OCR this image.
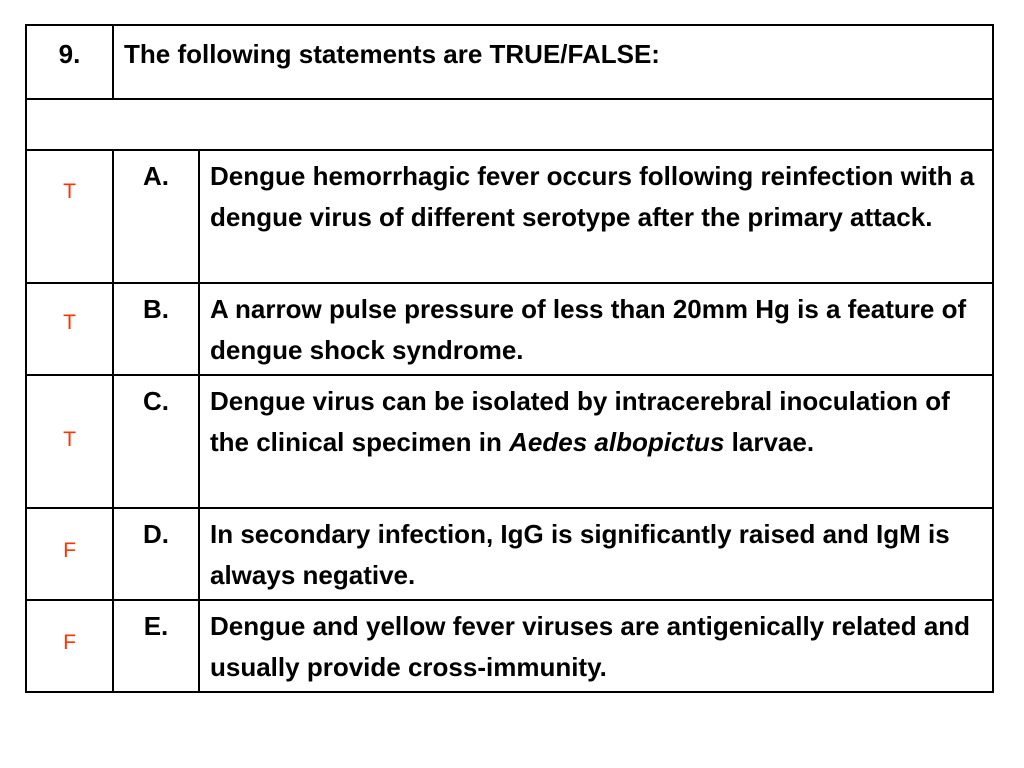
9.	The following statements are TRUE/FALSE:	

T	A.	Dengue hemorrhagic fever occurs following reinfection with a dengue virus of different serotype after the primary attack.
T	B.	A narrow pulse pressure of less than 20mm Hg is a feature of dengue shock syndrome.
T	C.	Dengue virus can be isolated by intracerebral inoculation of the clinical specimen in Aedes albopictus larvae.
F	D.	In secondary infection, IgG is significantly raised and IgM is always negative.
F	E.	Dengue and yellow fever viruses are antigenically related and usually provide cross-immunity.
